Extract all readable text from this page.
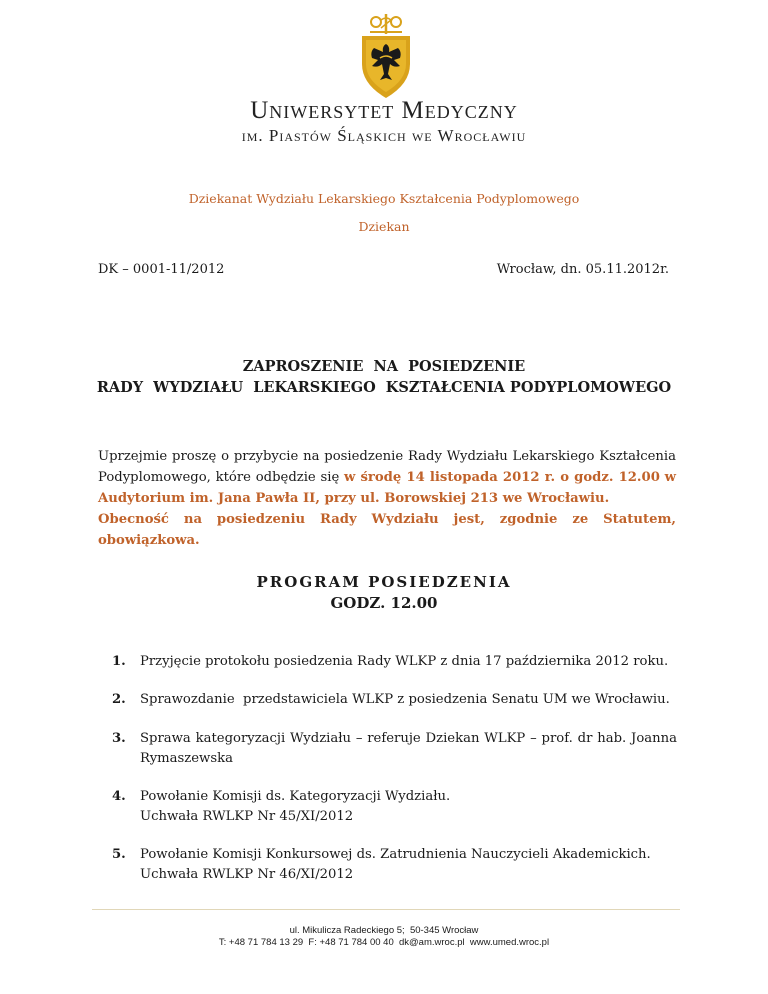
Uniwersytet Medyczny
im. Piastów Śląskich we Wrocławiu
Dziekanat Wydziału Lekarskiego Kształcenia Podyplomowego
Dziekan
DK – 0001-11/2012	Wrocław, dn. 05.11.2012r.
ZAPROSZENIE  NA  POSIEDZENIE
RADY  WYDZIAŁU  LEKARSKIEGO  KSZTAŁCENIA PODYPLOMOWEGO
Uprzejmie proszę o przybycie na posiedzenie Rady Wydziału Lekarskiego Kształcenia Podyplomowego, które odbędzie się w środę 14 listopada 2012 r. o godz. 12.00 w Audytorium im. Jana Pawła II, przy ul. Borowskiej 213 we Wrocławiu.
Obecność na posiedzeniu Rady Wydziału jest, zgodnie ze Statutem, obowiązkowa.
PROGRAM POSIEDZENIA
GODZ. 12.00
1.	Przyjęcie protokołu posiedzenia Rady WLKP z dnia 17 października 2012 roku.
2.	Sprawozdanie  przedstawiciela WLKP z posiedzenia Senatu UM we Wrocławiu.
3.	Sprawa kategoryzacji Wydziału – referuje Dziekan WLKP – prof. dr hab. Joanna Rymaszewska
4.	Powołanie Komisji ds. Kategoryzacji Wydziału.
Uchwała RWLKP Nr 45/XI/2012
5.	Powołanie Komisji Konkursowej ds. Zatrudnienia Nauczycieli Akademickich.
Uchwała RWLKP Nr 46/XI/2012
ul. Mikulicza Radeckiego 5;  50-345 Wrocław
T: +48 71 784 13 29  F: +48 71 784 00 40  dk@am.wroc.pl  www.umed.wroc.pl
